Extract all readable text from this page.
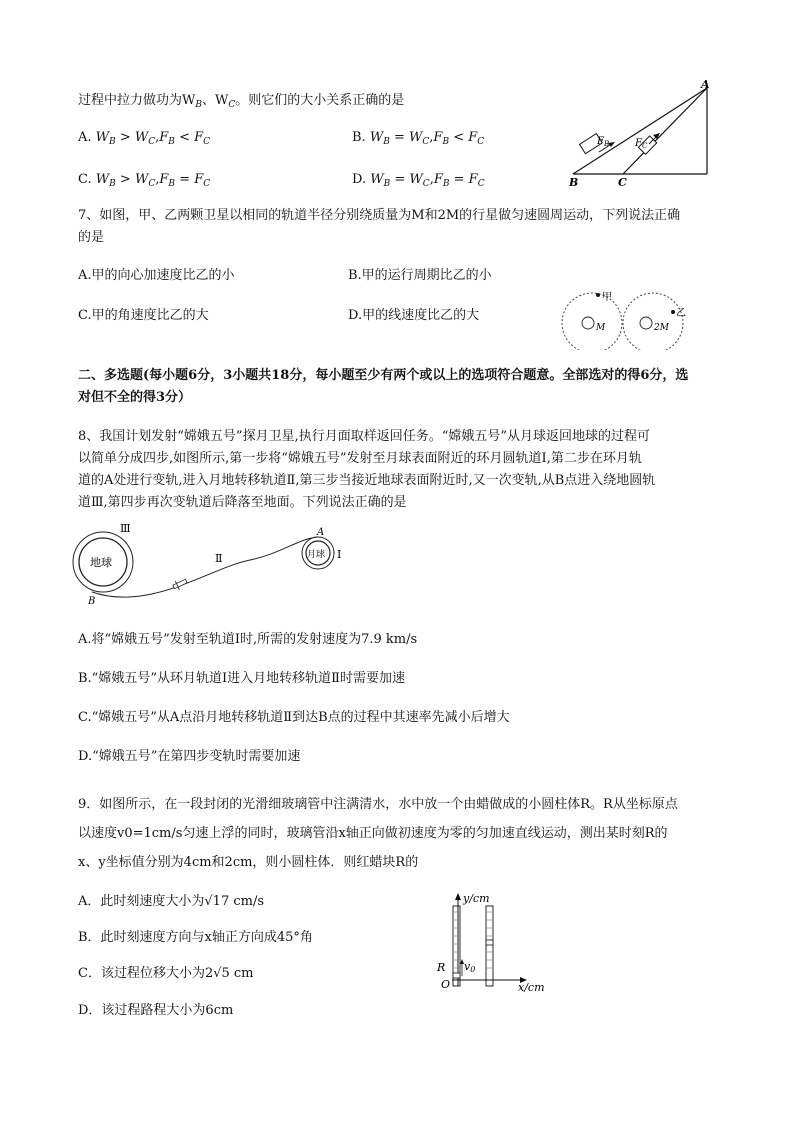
过程中拉力做功为$W_B$、$W_C$。则它们的大小关系正确的是
A. $W_B > W_C,F_B < F_C$	B. $W_B = W_C,F_B < F_C$
C. $W_B > W_C,F_B = F_C$	D. $W_B = W_C,F_B = F_C$
A
B	C
$F_B$	$F_C$
7、如图，甲、乙两颗卫星以相同的轨道半径分别绕质量为M和2M的行星做匀速圆周运动，下列说法正确
的是
A.甲的向心加速度比乙的小	B.甲的运行周期比乙的小
C.甲的角速度比乙的大	D.甲的线速度比乙的大
甲
乙
M	2M
二、多选题(每小题6分，3小题共18分，每小题至少有两个或以上的选项符合题意。全部选对的得6分，选
对但不全的得3分）
8、我国计划发射“嫦娥五号”探月卫星,执行月面取样返回任务。“嫦娥五号”从月球返回地球的过程可
以简单分成四步,如图所示,第一步将“嫦娥五号”发射至月球表面附近的环月圆轨道Ⅰ,第二步在环月轨
道的A处进行变轨,进入月地转移轨道Ⅱ,第三步当接近地球表面附近时,又一次变轨,从B点进入绕地圆轨
道Ⅲ,第四步再次变轨道后降落至地面。下列说法正确的是
Ⅲ
Ⅱ	Ⅰ
地球
月球
A
B
A.将“嫦娥五号”发射至轨道Ⅰ时,所需的发射速度为7.9 km/s
B.“嫦娥五号”从环月轨道Ⅰ进入月地转移轨道Ⅱ时需要加速
C.“嫦娥五号”从A点沿月地转移轨道Ⅱ到达B点的过程中其速率先减小后增大
D.“嫦娥五号”在第四步变轨时需要加速
9．如图所示，在一段封闭的光滑细玻璃管中注满清水，水中放一个由蜡做成的小圆柱体R。R从坐标原点
以速度v0=1cm/s匀速上浮的同时，玻璃管沿x轴正向做初速度为零的匀加速直线运动，测出某时刻R的
x、y坐标值分别为4cm和2cm，则小圆柱体．则红蜡块R的
A．此时刻速度大小为√17 cm/s
B．此时刻速度方向与x轴正方向成45°角
C．该过程位移大小为2√5 cm
D．该过程路程大小为6cm
y/cm
x/cm
R
O
v0
